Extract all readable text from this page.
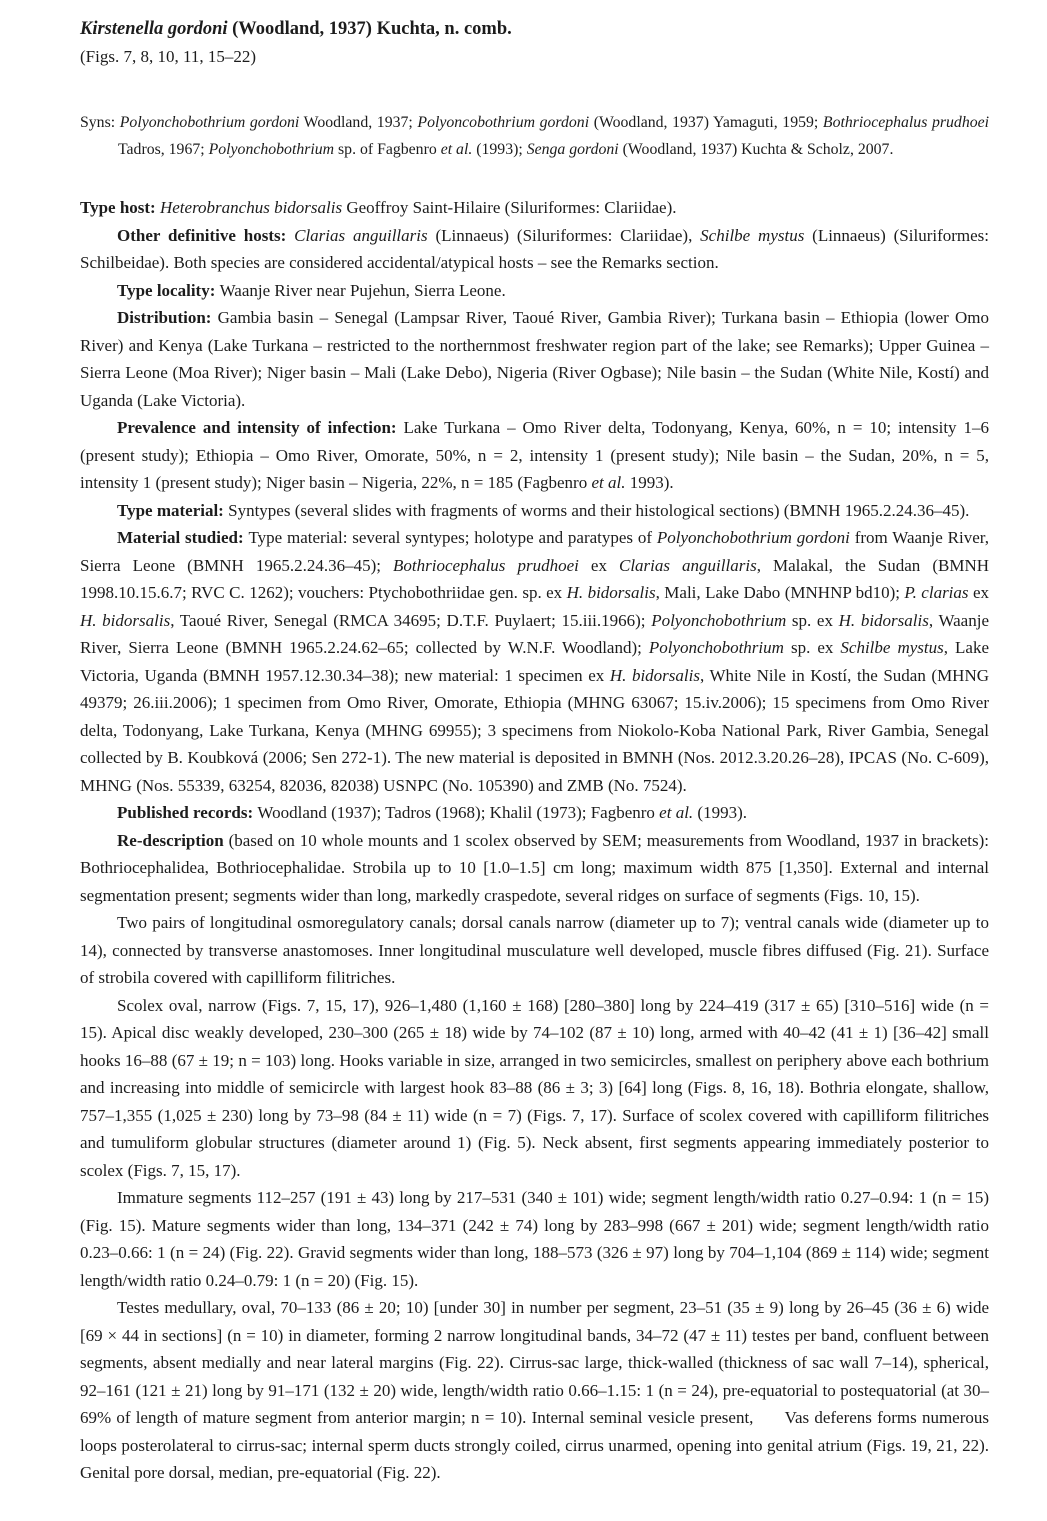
Kirstenella gordoni (Woodland, 1937) Kuchta, n. comb.
(Figs. 7, 8, 10, 11, 15–22)
Syns: Polyonchobothrium gordoni Woodland, 1937; Polyoncobothrium gordoni (Woodland, 1937) Yamaguti, 1959; Bothriocephalus prudhoei Tadros, 1967; Polyonchobothrium sp. of Fagbenro et al. (1993); Senga gordoni (Woodland, 1937) Kuchta & Scholz, 2007.

Type host: Heterobranchus bidorsalis Geoffroy Saint-Hilaire (Siluriformes: Clariidae).

Other definitive hosts: Clarias anguillaris (Linnaeus) (Siluriformes: Clariidae), Schilbe mystus (Linnaeus) (Siluriformes: Schilbeidae). Both species are considered accidental/atypical hosts – see the Remarks section.

Type locality: Waanje River near Pujehun, Sierra Leone.

Distribution: Gambia basin – Senegal (Lampsar River, Taoué River, Gambia River); Turkana basin – Ethiopia (lower Omo River) and Kenya (Lake Turkana – restricted to the northernmost freshwater region part of the lake; see Remarks); Upper Guinea – Sierra Leone (Moa River); Niger basin – Mali (Lake Debo), Nigeria (River Ogbase); Nile basin – the Sudan (White Nile, Kostí) and Uganda (Lake Victoria).

Prevalence and intensity of infection: Lake Turkana – Omo River delta, Todonyang, Kenya, 60%, n = 10; intensity 1–6 (present study); Ethiopia – Omo River, Omorate, 50%, n = 2, intensity 1 (present study); Nile basin – the Sudan, 20%, n = 5, intensity 1 (present study); Niger basin – Nigeria, 22%, n = 185 (Fagbenro et al. 1993).

Type material: Syntypes (several slides with fragments of worms and their histological sections) (BMNH 1965.2.24.36–45).

Material studied: Type material: several syntypes; holotype and paratypes of Polyonchobothrium gordoni from Waanje River, Sierra Leone (BMNH 1965.2.24.36–45); Bothriocephalus prudhoei ex Clarias anguillaris, Malakal, the Sudan (BMNH 1998.10.15.6.7; RVC C. 1262); vouchers: Ptychobothriidae gen. sp. ex H. bidorsalis, Mali, Lake Dabo (MNHNP bd10); P. clarias ex H. bidorsalis, Taoué River, Senegal (RMCA 34695; D.T.F. Puylaert; 15.iii.1966); Polyonchobothrium sp. ex H. bidorsalis, Waanje River, Sierra Leone (BMNH 1965.2.24.62–65; collected by W.N.F. Woodland); Polyonchobothrium sp. ex Schilbe mystus, Lake Victoria, Uganda (BMNH 1957.12.30.34–38); new material: 1 specimen ex H. bidorsalis, White Nile in Kostí, the Sudan (MHNG 49379; 26.iii.2006); 1 specimen from Omo River, Omorate, Ethiopia (MHNG 63067; 15.iv.2006); 15 specimens from Omo River delta, Todonyang, Lake Turkana, Kenya (MHNG 69955); 3 specimens from Niokolo-Koba National Park, River Gambia, Senegal collected by B. Koubková (2006; Sen 272-1). The new material is deposited in BMNH (Nos. 2012.3.20.26–28), IPCAS (No. C-609), MHNG (Nos. 55339, 63254, 82036, 82038) USNPC (No. 105390) and ZMB (No. 7524).

Published records: Woodland (1937); Tadros (1968); Khalil (1973); Fagbenro et al. (1993).

Re-description (based on 10 whole mounts and 1 scolex observed by SEM; measurements from Woodland, 1937 in brackets): Bothriocephalidea, Bothriocephalidae. Strobila up to 10 [1.0–1.5] cm long; maximum width 875 [1,350]. External and internal segmentation present; segments wider than long, markedly craspedote, several ridges on surface of segments (Figs. 10, 15).

Two pairs of longitudinal osmoregulatory canals; dorsal canals narrow (diameter up to 7); ventral canals wide (diameter up to 14), connected by transverse anastomoses. Inner longitudinal musculature well developed, muscle fibres diffused (Fig. 21). Surface of strobila covered with capilliform filitriches.

Scolex oval, narrow (Figs. 7, 15, 17), 926–1,480 (1,160 ± 168) [280–380] long by 224–419 (317 ± 65) [310–516] wide (n = 15). Apical disc weakly developed, 230–300 (265 ± 18) wide by 74–102 (87 ± 10) long, armed with 40–42 (41 ± 1) [36–42] small hooks 16–88 (67 ± 19; n = 103) long. Hooks variable in size, arranged in two semicircles, smallest on periphery above each bothrium and increasing into middle of semicircle with largest hook 83–88 (86 ± 3; 3) [64] long (Figs. 8, 16, 18). Bothria elongate, shallow, 757–1,355 (1,025 ± 230) long by 73–98 (84 ± 11) wide (n = 7) (Figs. 7, 17). Surface of scolex covered with capilliform filitriches and tumuliform globular structures (diameter around 1) (Fig. 5). Neck absent, first segments appearing immediately posterior to scolex (Figs. 7, 15, 17).

Immature segments 112–257 (191 ± 43) long by 217–531 (340 ± 101) wide; segment length/width ratio 0.27–0.94: 1 (n = 15) (Fig. 15). Mature segments wider than long, 134–371 (242 ± 74) long by 283–998 (667 ± 201) wide; segment length/width ratio 0.23–0.66: 1 (n = 24) (Fig. 22). Gravid segments wider than long, 188–573 (326 ± 97) long by 704–1,104 (869 ± 114) wide; segment length/width ratio 0.24–0.79: 1 (n = 20) (Fig. 15).

Testes medullary, oval, 70–133 (86 ± 20; 10) [under 30] in number per segment, 23–51 (35 ± 9) long by 26–45 (36 ± 6) wide [69 × 44 in sections] (n = 10) in diameter, forming 2 narrow longitudinal bands, 34–72 (47 ± 11) testes per band, confluent between segments, absent medially and near lateral margins (Fig. 22). Cirrus-sac large, thick-walled (thickness of sac wall 7–14), spherical, 92–161 (121 ± 21) long by 91–171 (132 ± 20) wide, length/width ratio 0.66–1.15: 1 (n = 24), pre-equatorial to postequatorial (at 30–69% of length of mature segment from anterior margin; n = 10). Internal seminal vesicle present,      Vas deferens forms numerous loops posterolateral to cirrus-sac; internal sperm ducts strongly coiled, cirrus unarmed, opening into genital atrium (Figs. 19, 21, 22). Genital pore dorsal, median, pre-equatorial (Fig. 22).
